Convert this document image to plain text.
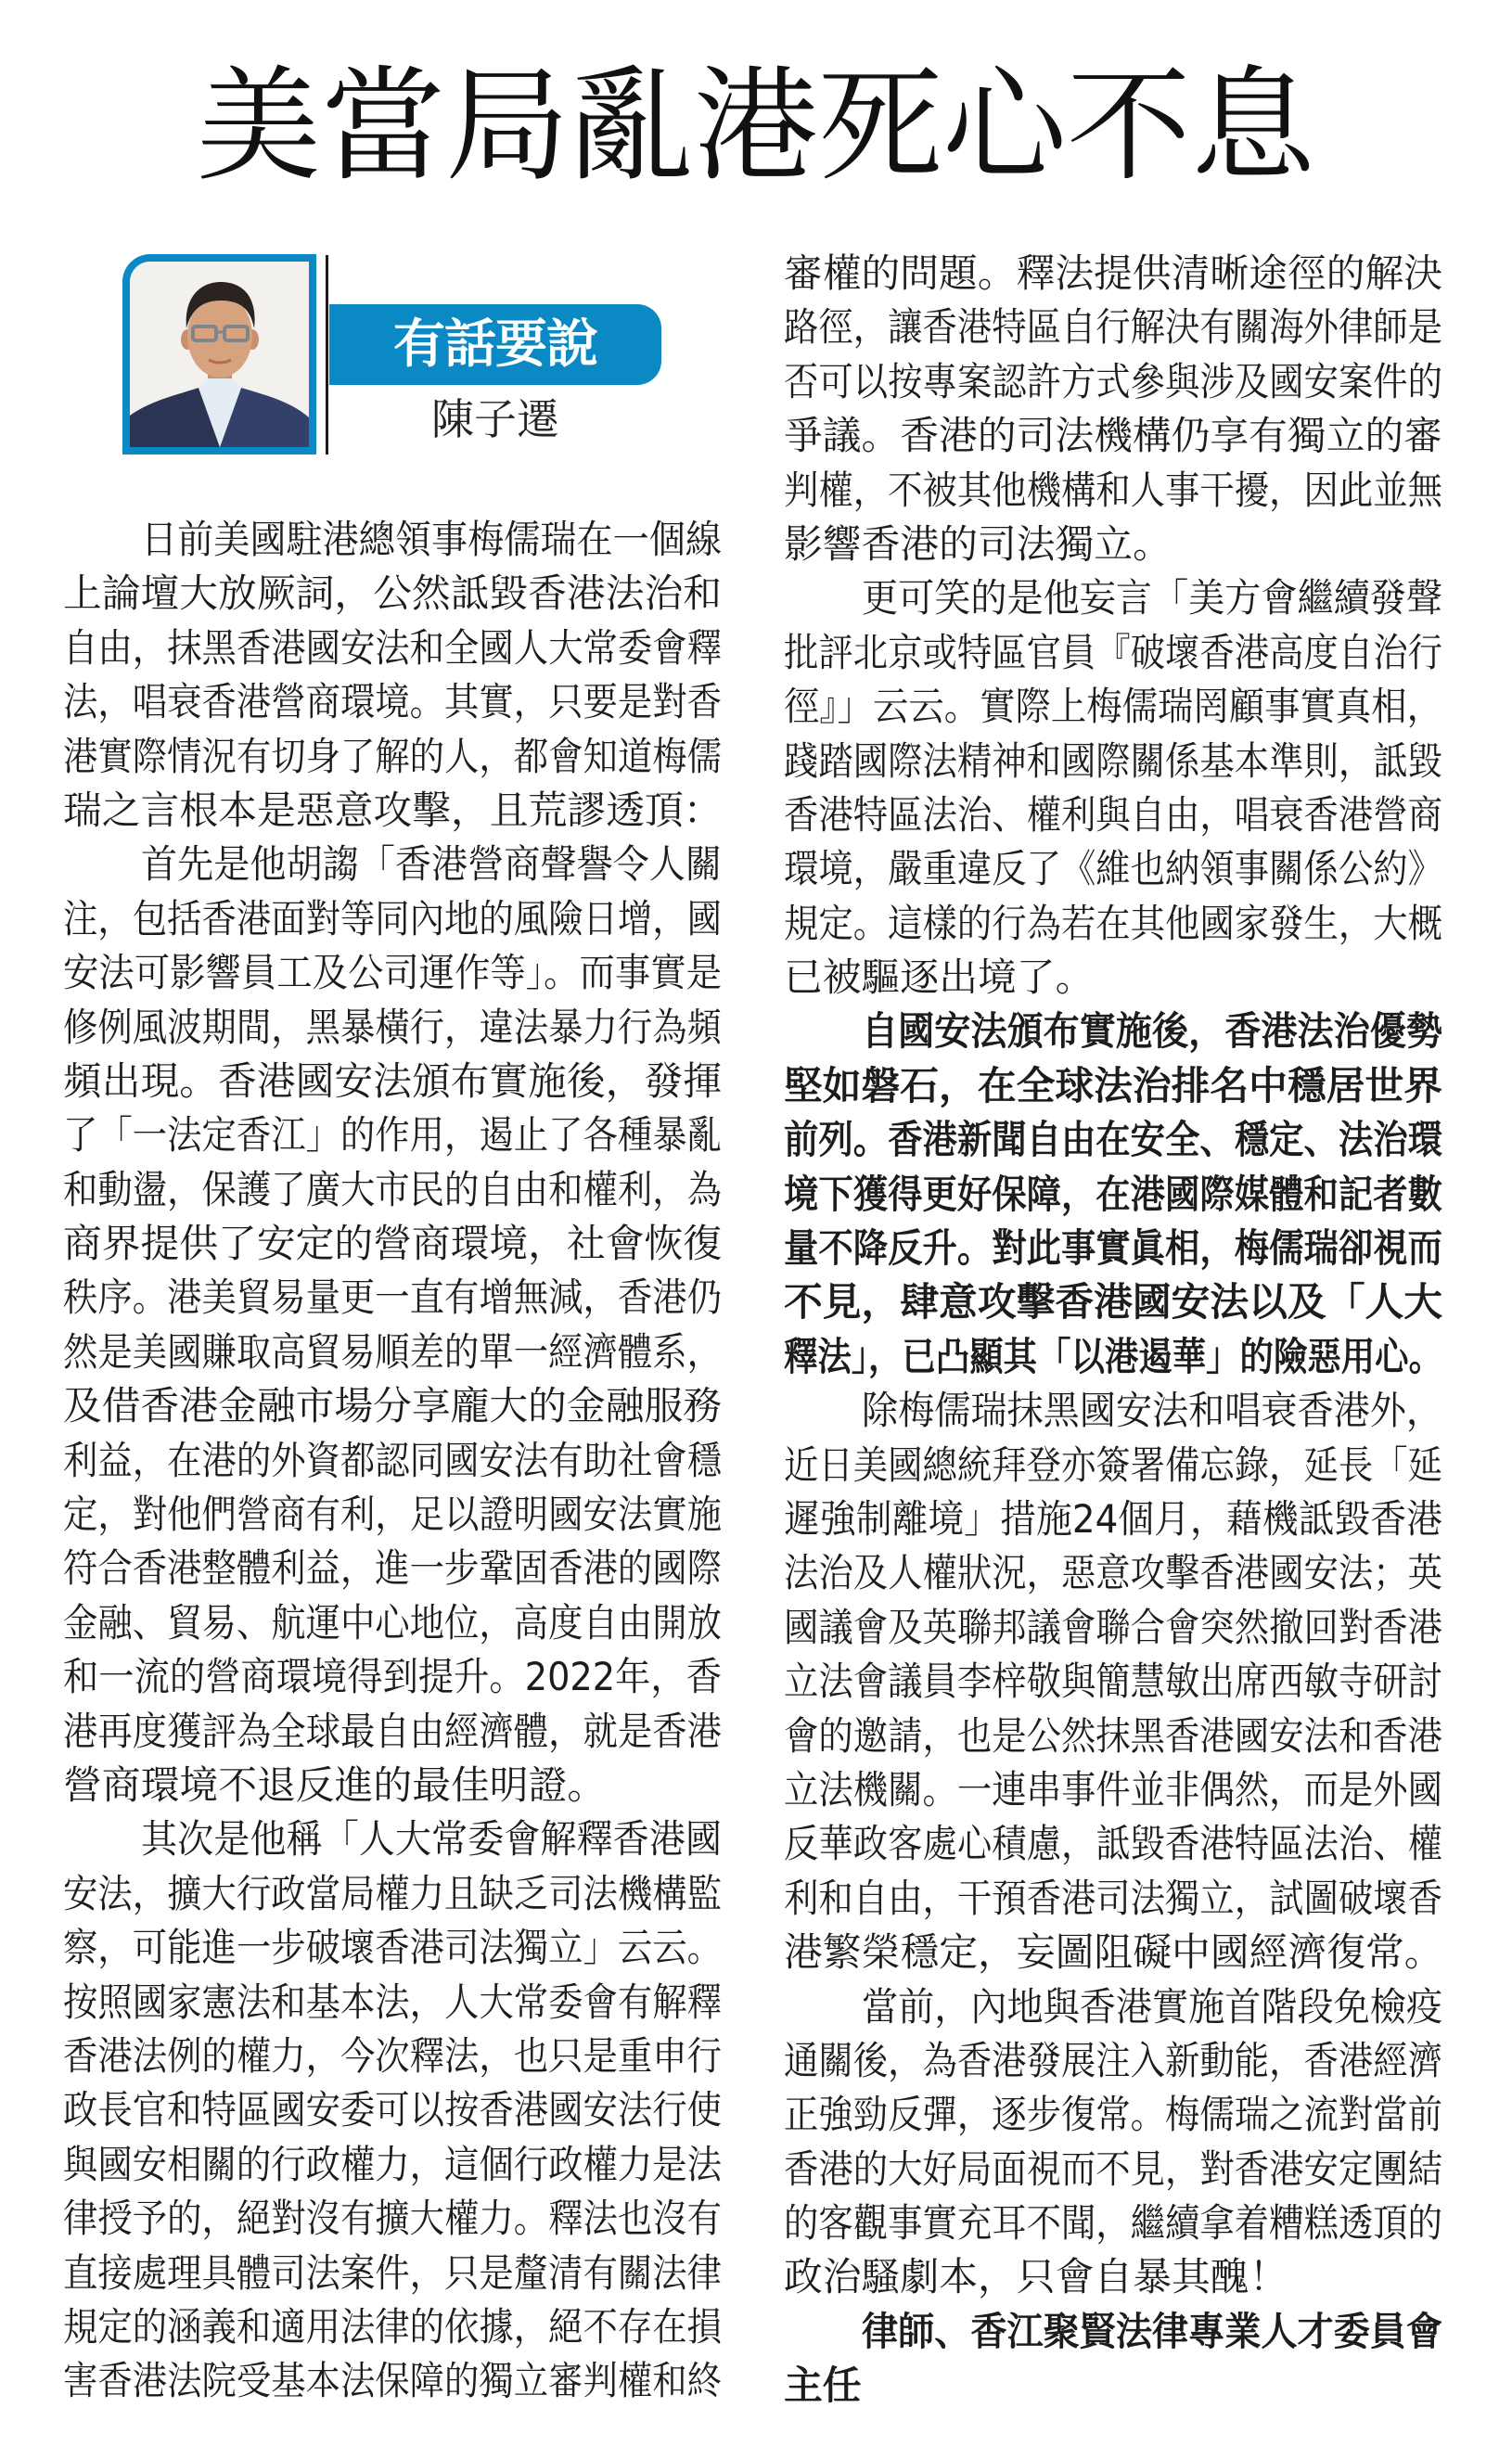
美當局亂港死心不息
有話要說
陳子遷
日前美國駐港總領事梅儒瑞在一個線
上論壇大放厥詞，公然詆毀香港法治和
自由，抹黑香港國安法和全國人大常委會釋
法，唱衰香港營商環境。其實，只要是對香
港實際情況有切身了解的人，都會知道梅儒
瑞之言根本是惡意攻擊，且荒謬透頂：
首先是他胡謅「香港營商聲譽令人關
注，包括香港面對等同內地的風險日增，國
安法可影響員工及公司運作等」。而事實是
修例風波期間，黑暴橫行，違法暴力行為頻
頻出現。香港國安法頒布實施後，發揮
了「一法定香江」的作用，遏止了各種暴亂
和動盪，保護了廣大市民的自由和權利，為
商界提供了安定的營商環境，社會恢復
秩序。港美貿易量更一直有增無減，香港仍
然是美國賺取高貿易順差的單一經濟體系，
及借香港金融市場分享龐大的金融服務
利益，在港的外資都認同國安法有助社會穩
定，對他們營商有利，足以證明國安法實施
符合香港整體利益，進一步鞏固香港的國際
金融、貿易、航運中心地位，高度自由開放
和一流的營商環境得到提升。2022年，香
港再度獲評為全球最自由經濟體，就是香港
營商環境不退反進的最佳明證。
其次是他稱「人大常委會解釋香港國
安法，擴大行政當局權力且缺乏司法機構監
察，可能進一步破壞香港司法獨立」云云。
按照國家憲法和基本法，人大常委會有解釋
香港法例的權力，今次釋法，也只是重申行
政長官和特區國安委可以按香港國安法行使
與國安相關的行政權力，這個行政權力是法
律授予的，絕對沒有擴大權力。釋法也沒有
直接處理具體司法案件，只是釐清有關法律
規定的涵義和適用法律的依據，絕不存在損
害香港法院受基本法保障的獨立審判權和終
審權的問題。釋法提供清晰途徑的解決
路徑，讓香港特區自行解決有關海外律師是
否可以按專案認許方式參與涉及國安案件的
爭議。香港的司法機構仍享有獨立的審
判權，不被其他機構和人事干擾，因此並無
影響香港的司法獨立。
更可笑的是他妄言「美方會繼續發聲
批評北京或特區官員『破壞香港高度自治行
徑』」云云。實際上梅儒瑞罔顧事實真相，
踐踏國際法精神和國際關係基本準則，詆毀
香港特區法治、權利與自由，唱衰香港營商
環境，嚴重違反了《維也納領事關係公約》
規定。這樣的行為若在其他國家發生，大概
已被驅逐出境了。
自國安法頒布實施後，香港法治優勢
堅如磐石，在全球法治排名中穩居世界
前列。香港新聞自由在安全、穩定、法治環
境下獲得更好保障，在港國際媒體和記者數
量不降反升。對此事實眞相，梅儒瑞卻視而
不見，肆意攻擊香港國安法以及「人大
釋法」，已凸顯其「以港遏華」的險惡用心。
除梅儒瑞抹黑國安法和唱衰香港外，
近日美國總統拜登亦簽署備忘錄，延長「延
遲強制離境」措施24個月，藉機詆毀香港
法治及人權狀況，惡意攻擊香港國安法；英
國議會及英聯邦議會聯合會突然撤回對香港
立法會議員李梓敬與簡慧敏出席西敏寺研討
會的邀請，也是公然抹黑香港國安法和香港
立法機關。一連串事件並非偶然，而是外國
反華政客處心積慮，詆毀香港特區法治、權
利和自由，干預香港司法獨立，試圖破壞香
港繁榮穩定，妄圖阻礙中國經濟復常。
當前，內地與香港實施首階段免檢疫
通關後，為香港發展注入新動能，香港經濟
正強勁反彈，逐步復常。梅儒瑞之流對當前
香港的大好局面視而不見，對香港安定團結
的客觀事實充耳不聞，繼續拿着糟糕透頂的
政治騷劇本，只會自暴其醜！
律師、香江聚賢法律專業人才委員會
主任
